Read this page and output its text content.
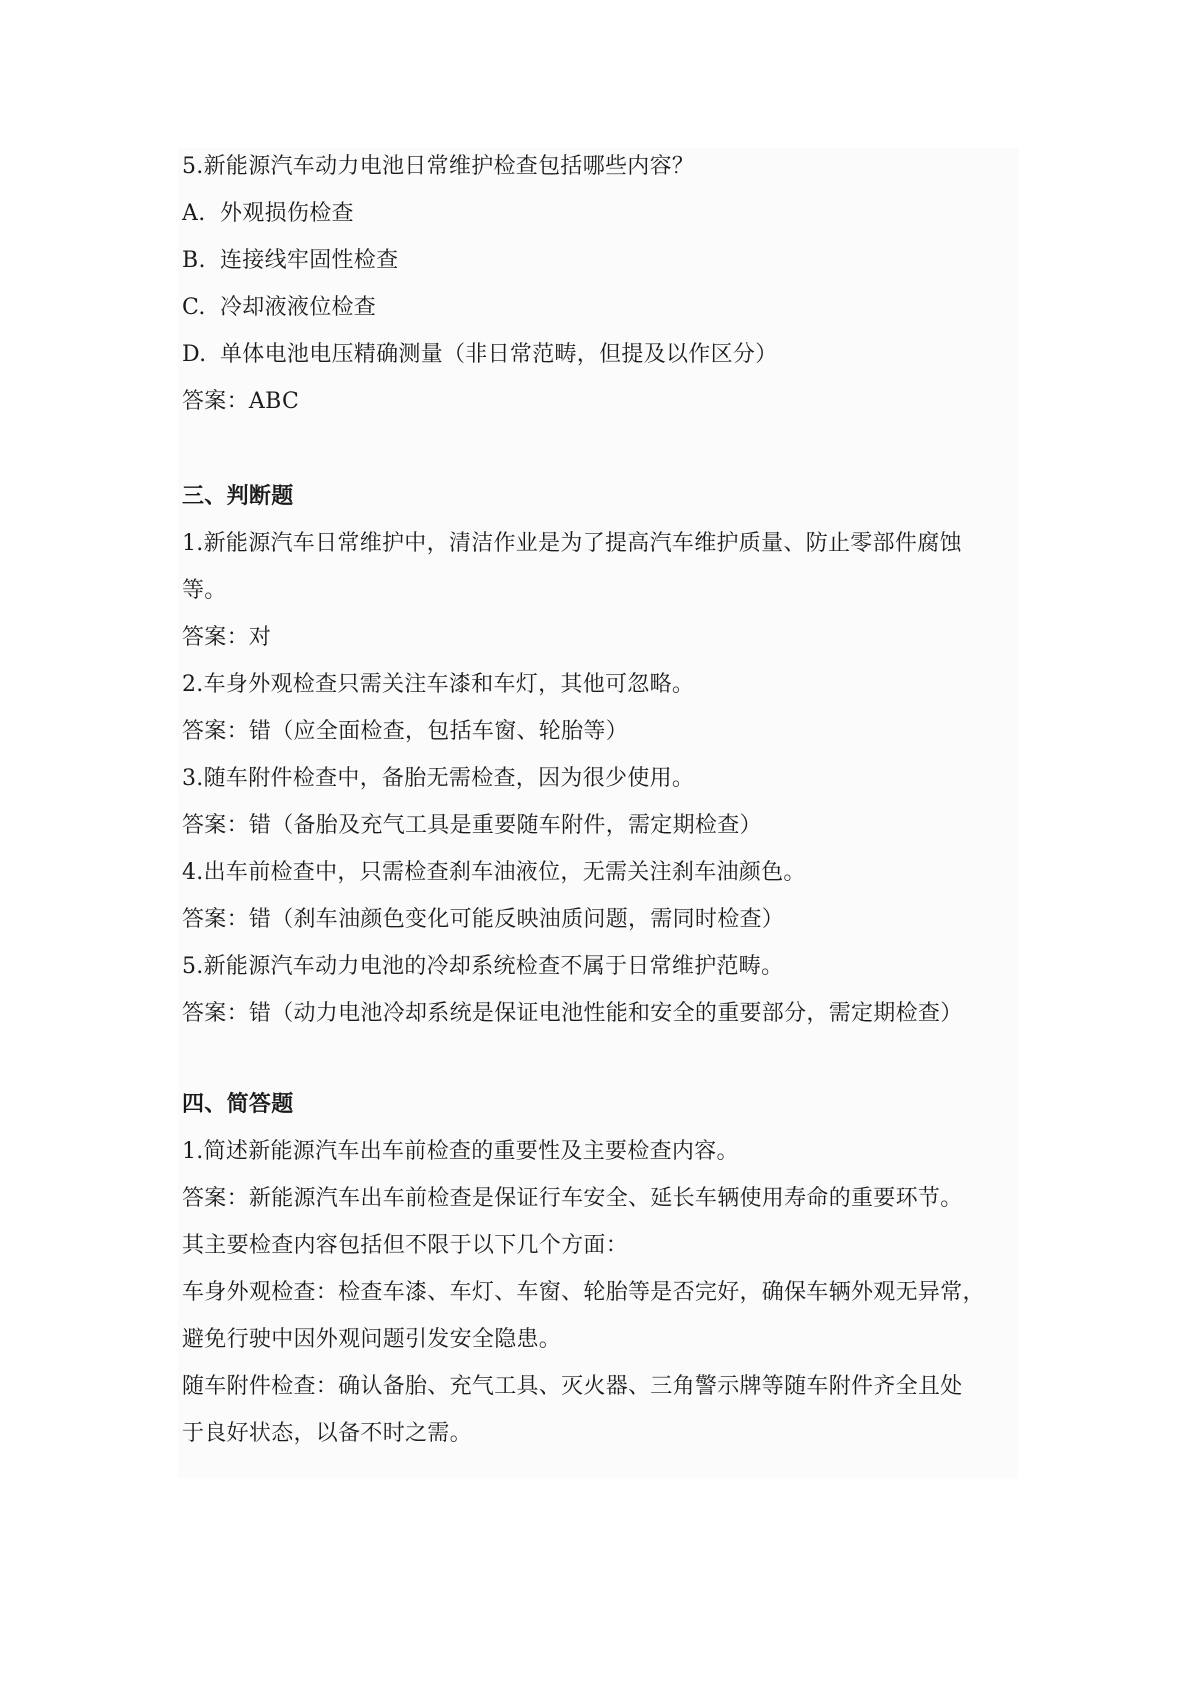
5.新能源汽车动力电池日常维护检查包括哪些内容？
A. 外观损伤检查
B. 连接线牢固性检查
C. 冷却液液位检查
D. 单体电池电压精确测量（非日常范畴，但提及以作区分）
答案：ABC
三、判断题
1.新能源汽车日常维护中，清洁作业是为了提高汽车维护质量、防止零部件腐蚀
等。
答案：对
2.车身外观检查只需关注车漆和车灯，其他可忽略。
答案：错（应全面检查，包括车窗、轮胎等）
3.随车附件检查中，备胎无需检查，因为很少使用。
答案：错（备胎及充气工具是重要随车附件，需定期检查）
4.出车前检查中，只需检查刹车油液位，无需关注刹车油颜色。
答案：错（刹车油颜色变化可能反映油质问题，需同时检查）
5.新能源汽车动力电池的冷却系统检查不属于日常维护范畴。
答案：错（动力电池冷却系统是保证电池性能和安全的重要部分，需定期检查）
四、简答题
1.简述新能源汽车出车前检查的重要性及主要检查内容。
答案：新能源汽车出车前检查是保证行车安全、延长车辆使用寿命的重要环节。
其主要检查内容包括但不限于以下几个方面：
车身外观检查：检查车漆、车灯、车窗、轮胎等是否完好，确保车辆外观无异常，
避免行驶中因外观问题引发安全隐患。
随车附件检查：确认备胎、充气工具、灭火器、三角警示牌等随车附件齐全且处
于良好状态，以备不时之需。
